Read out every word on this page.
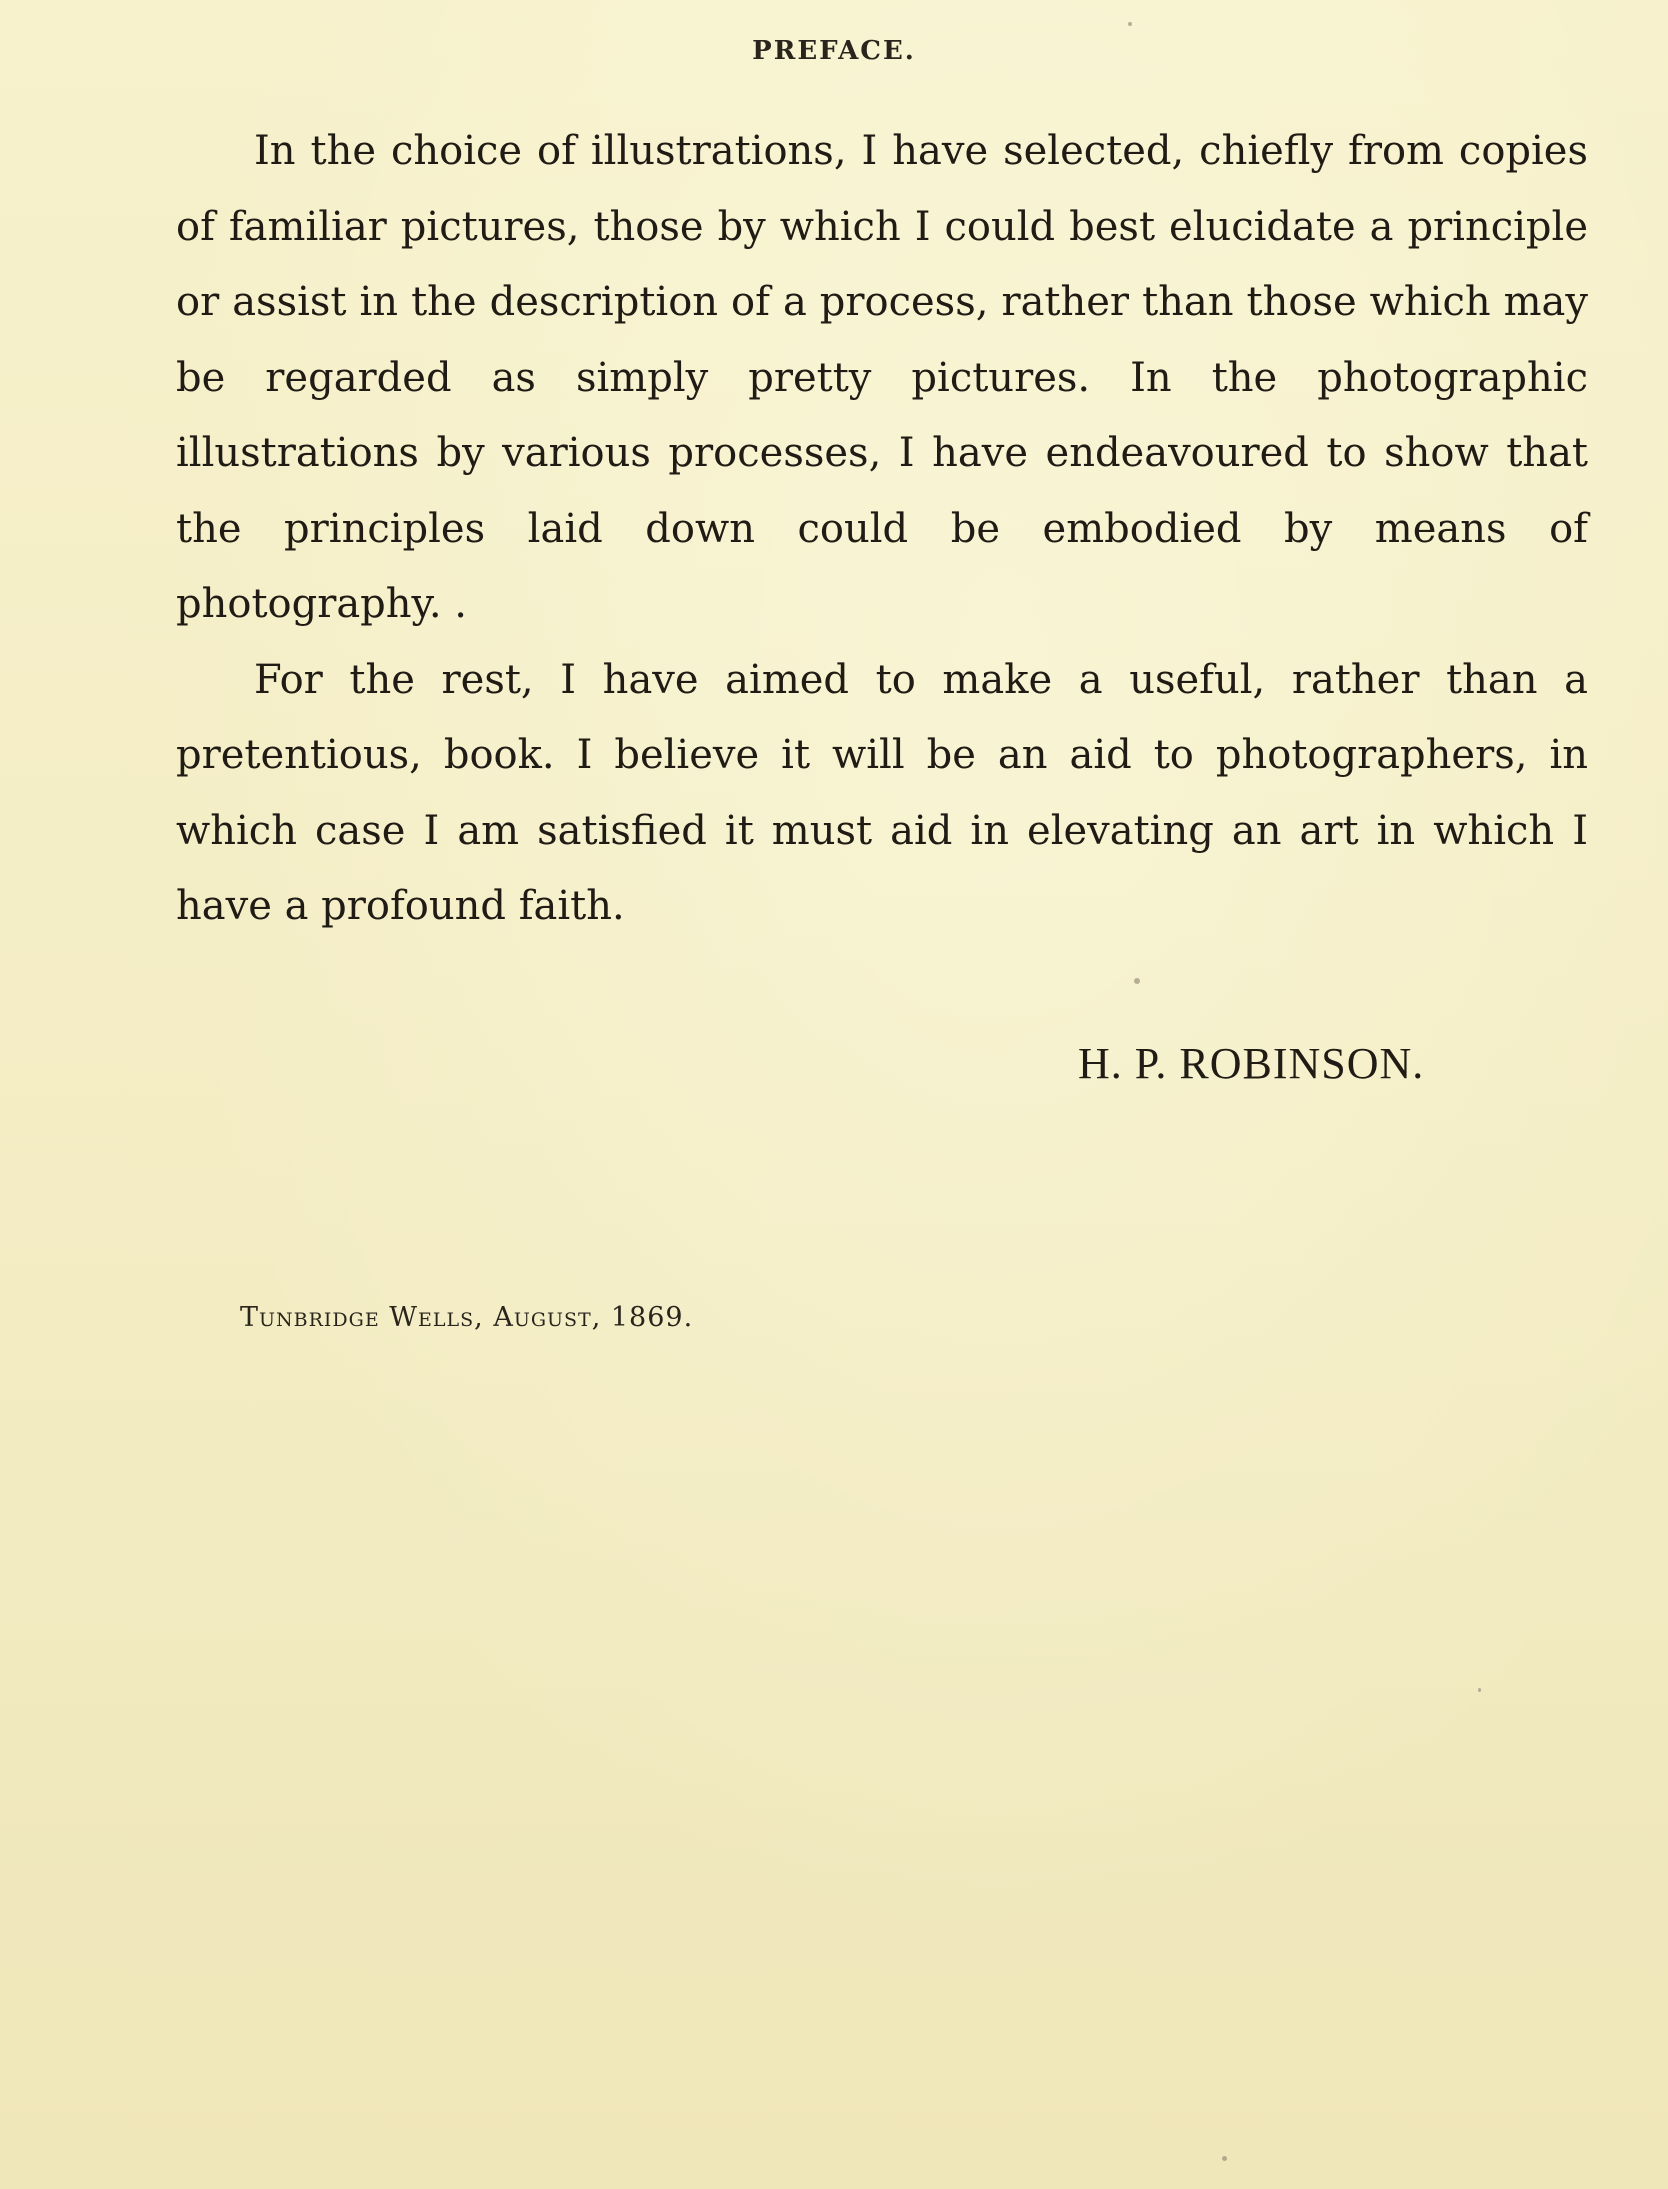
PREFACE.

In the choice of illustrations, I have selected, chiefly from copies of familiar pictures, those by which I could best elucidate a principle or assist in the description of a process, rather than those which may be regarded as simply pretty pictures. In the photographic illustrations by various processes, I have endeavoured to show that the principles laid down could be embodied by means of photography. .

For the rest, I have aimed to make a useful, rather than a pretentious, book. I believe it will be an aid to photographers, in which case I am satisfied it must aid in elevating an art in which I have a profound faith.

H. P. ROBINSON.
Tunbridge Wells, August, 1869.
